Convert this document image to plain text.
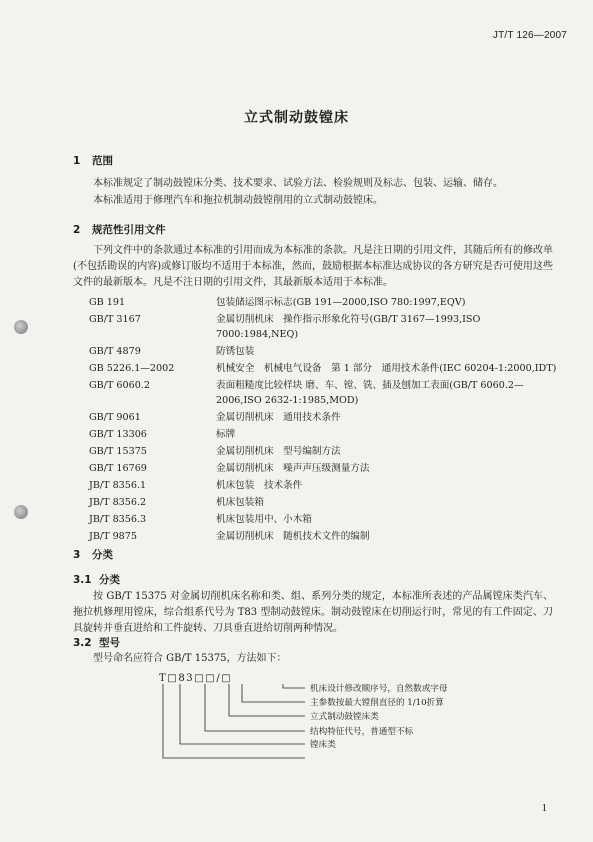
JT/T 126—2007
立式制动鼓镗床
1 范围
本标准规定了制动鼓镗床分类、技术要求、试验方法、检验规则及标志、包装、运输、储存。
本标准适用于修理汽车和拖拉机制动鼓镗削用的立式制动鼓镗床。
2 规范性引用文件
下列文件中的条款通过本标准的引用而成为本标准的条款。凡是注日期的引用文件，其随后所有的修改单(不包括勘误的内容)或修订版均不适用于本标准，然而，鼓励根据本标准达成协议的各方研究是否可使用这些文件的最新版本。凡是不注日期的引用文件，其最新版本适用于本标准。
GB 191	包装储运图示标志(GB 191—2000,ISO 780:1997,EQV)
GB/T 3167	金属切削机床　操作指示形象化符号(GB/T 3167—1993,ISO 7000:1984,NEQ)
GB/T 4879	防锈包装
GB 5226.1—2002	机械安全　机械电气设备　第 1 部分　通用技术条件(IEC 60204-1:2000,IDT)
GB/T 6060.2	表面粗糙度比较样块 磨、车、镗、铣、插及刨加工表面(GB/T 6060.2—2006,ISO 2632-1:1985,MOD)
GB/T 9061	金属切削机床　通用技术条件
GB/T 13306	标牌
GB/T 15375	金属切削机床　型号编制方法
GB/T 16769	金属切削机床　噪声声压级测量方法
JB/T 8356.1	机床包装　技术条件
JB/T 8356.2	机床包装箱
JB/T 8356.3	机床包装用中、小木箱
JB/T 9875	金属切削机床　随机技术文件的编制
3 分类
3.1 分类
按 GB/T 15375 对金属切削机床名称和类、组、系列分类的规定，本标准所表述的产品属镗床类汽车、拖拉机修理用镗床，综合组系代号为 T83 型制动鼓镗床。制动鼓镗床在切削运行时，常见的有工件固定、刀具旋转并垂直进给和工件旋转、刀具垂直进给切削两种情况。
3.2 型号
型号命名应符合 GB/T 15375，方法如下：
T□83□□/□
机床设计修改顺序号，自然数或字母
主参数按最大镗削直径的 1/10折算
立式制动鼓镗床类
结构特征代号，普通型不标
镗床类
1
